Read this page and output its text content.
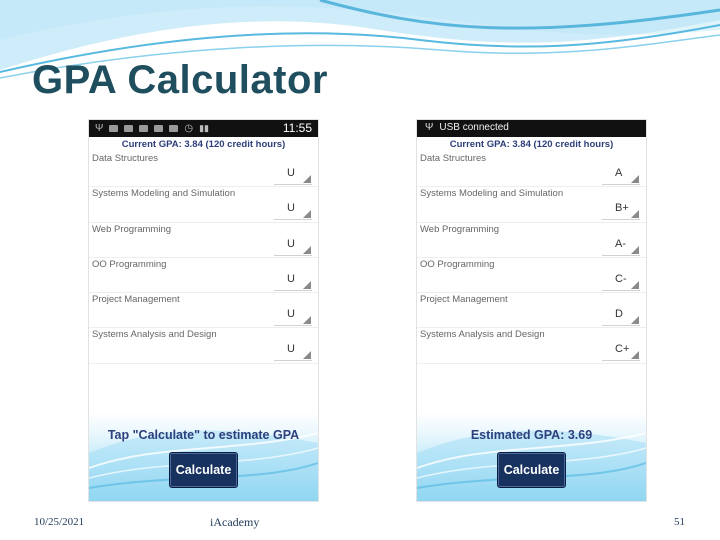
GPA Calculator
Ψ	◷ ▮▮	11:55
Current GPA: 3.84 (120 credit hours)
Data Structures
U
Systems Modeling and Simulation
U
Web Programming
U
OO Programming
U
Project Management
U
Systems Analysis and Design
U
Tap "Calculate" to estimate GPA
Calculate
Ψ USB connected
Current GPA: 3.84 (120 credit hours)
Data Structures
A
Systems Modeling and Simulation
B+
Web Programming
A-
OO Programming
C-
Project Management
D
Systems Analysis and Design
C+
Estimated GPA: 3.69
Calculate
10/25/2021	iAcademy	51
